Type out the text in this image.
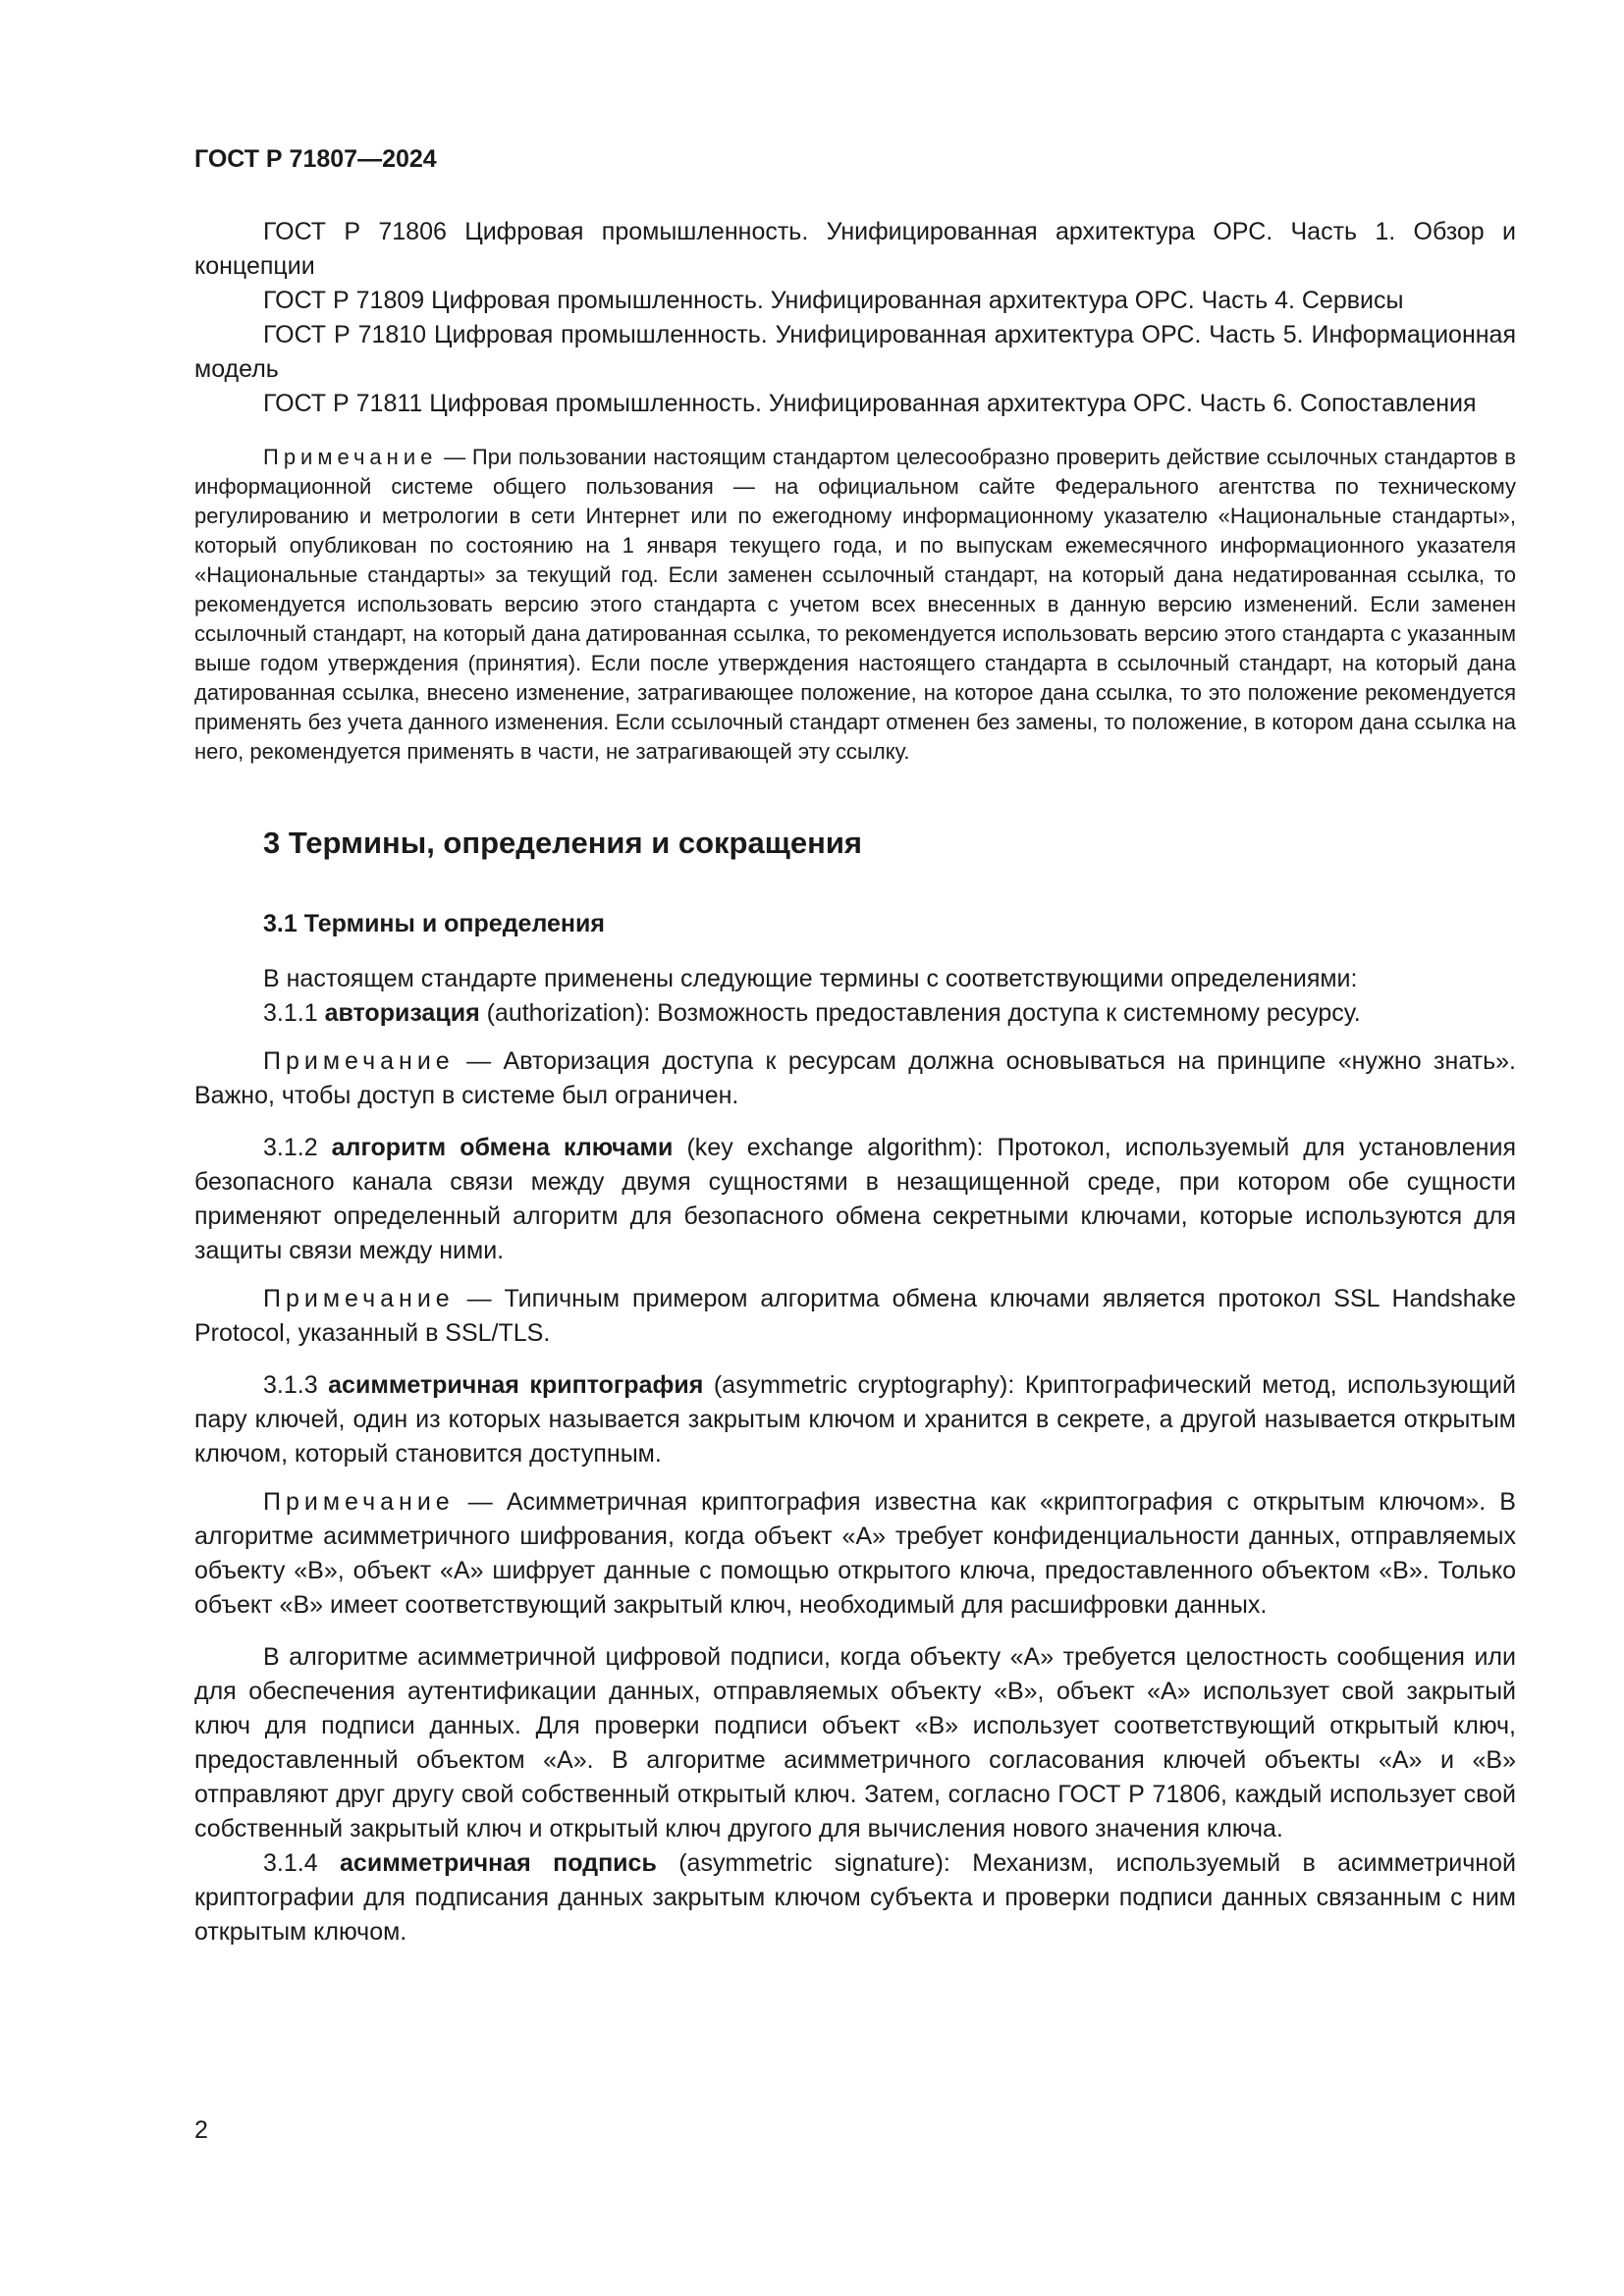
ГОСТ Р 71807—2024

ГОСТ Р 71806 Цифровая промышленность. Унифицированная архитектура ОРС. Часть 1. Обзор и концепции

ГОСТ Р 71809 Цифровая промышленность. Унифицированная архитектура ОРС. Часть 4. Сервисы

ГОСТ Р 71810 Цифровая промышленность. Унифицированная архитектура ОРС. Часть 5. Информационная модель

ГОСТ Р 71811 Цифровая промышленность. Унифицированная архитектура ОРС. Часть 6. Сопоставления

Примечание — При пользовании настоящим стандартом целесообразно проверить действие ссылочных стандартов в информационной системе общего пользования — на официальном сайте Федерального агентства по техническому регулированию и метрологии в сети Интернет или по ежегодному информационному указателю «Национальные стандарты», который опубликован по состоянию на 1 января текущего года, и по выпускам ежемесячного информационного указателя «Национальные стандарты» за текущий год. Если заменен ссылочный стандарт, на который дана недатированная ссылка, то рекомендуется использовать версию этого стандарта с учетом всех внесенных в данную версию изменений. Если заменен ссылочный стандарт, на который дана датированная ссылка, то рекомендуется использовать версию этого стандарта с указанным выше годом утверждения (принятия). Если после утверждения настоящего стандарта в ссылочный стандарт, на который дана датированная ссылка, внесено изменение, затрагивающее положение, на которое дана ссылка, то это положение рекомендуется применять без учета данного изменения. Если ссылочный стандарт отменен без замены, то положение, в котором дана ссылка на него, рекомендуется применять в части, не затрагивающей эту ссылку.

3 Термины, определения и сокращения
3.1 Термины и определения

В настоящем стандарте применены следующие термины с соответствующими определениями:

3.1.1 авторизация (authorization): Возможность предоставления доступа к системному ресурсу.

Примечание — Авторизация доступа к ресурсам должна основываться на принципе «нужно знать». Важно, чтобы доступ в системе был ограничен.

3.1.2 алгоритм обмена ключами (key exchange algorithm): Протокол, используемый для установления безопасного канала связи между двумя сущностями в незащищенной среде, при котором обе сущности применяют определенный алгоритм для безопасного обмена секретными ключами, которые используются для защиты связи между ними.

Примечание — Типичным примером алгоритма обмена ключами является протокол SSL Handshake Protocol, указанный в SSL/TLS.

3.1.3 асимметричная криптография (asymmetric cryptography): Криптографический метод, использующий пару ключей, один из которых называется закрытым ключом и хранится в секрете, а другой называется открытым ключом, который становится доступным.

Примечание — Асимметричная криптография известна как «криптография с открытым ключом». В алгоритме асимметричного шифрования, когда объект «А» требует конфиденциальности данных, отправляемых объекту «В», объект «А» шифрует данные с помощью открытого ключа, предоставленного объектом «В». Только объект «В» имеет соответствующий закрытый ключ, необходимый для расшифровки данных.

В алгоритме асимметричной цифровой подписи, когда объекту «А» требуется целостность сообщения или для обеспечения аутентификации данных, отправляемых объекту «В», объект «А» использует свой закрытый ключ для подписи данных. Для проверки подписи объект «В» использует соответствующий открытый ключ, предоставленный объектом «А». В алгоритме асимметричного согласования ключей объекты «А» и «В» отправляют друг другу свой собственный открытый ключ. Затем, согласно ГОСТ Р 71806, каждый использует свой собственный закрытый ключ и открытый ключ другого для вычисления нового значения ключа.

3.1.4 асимметричная подпись (asymmetric signature): Механизм, используемый в асимметричной криптографии для подписания данных закрытым ключом субъекта и проверки подписи данных связанным с ним открытым ключом.

2
